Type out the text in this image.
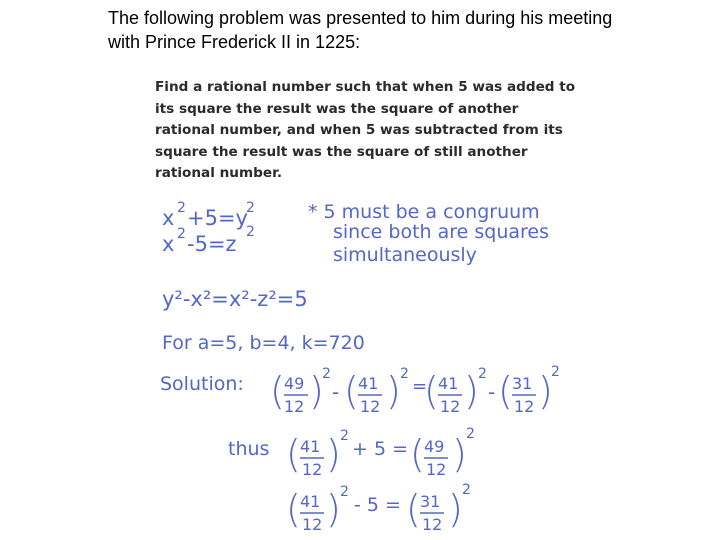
The following problem was presented to him during his meeting
with Prince Frederick II in 1225:
Find a rational number such that when 5 was added to
its square the result was the square of another
rational number, and when 5 was subtracted from its
square the result was the square of still another
rational number.
x 2 +5=y
2
x 2 -5=z 2
* 5 must be a congruum
since both are squares
simultaneously
y²-x²=x²-z²=5
For a=5, b=4, k=720
Solution: ( 49
12 )
2
- ( 41
12 ) 2
=
( 41
12 ) 2
- ( 31
12 )
2
thus ( 41
12 ) 2
+ 5 = ( 49
12 ) 2
( 41
12 ) 2
- 5 = ( 31
12 ) 2
